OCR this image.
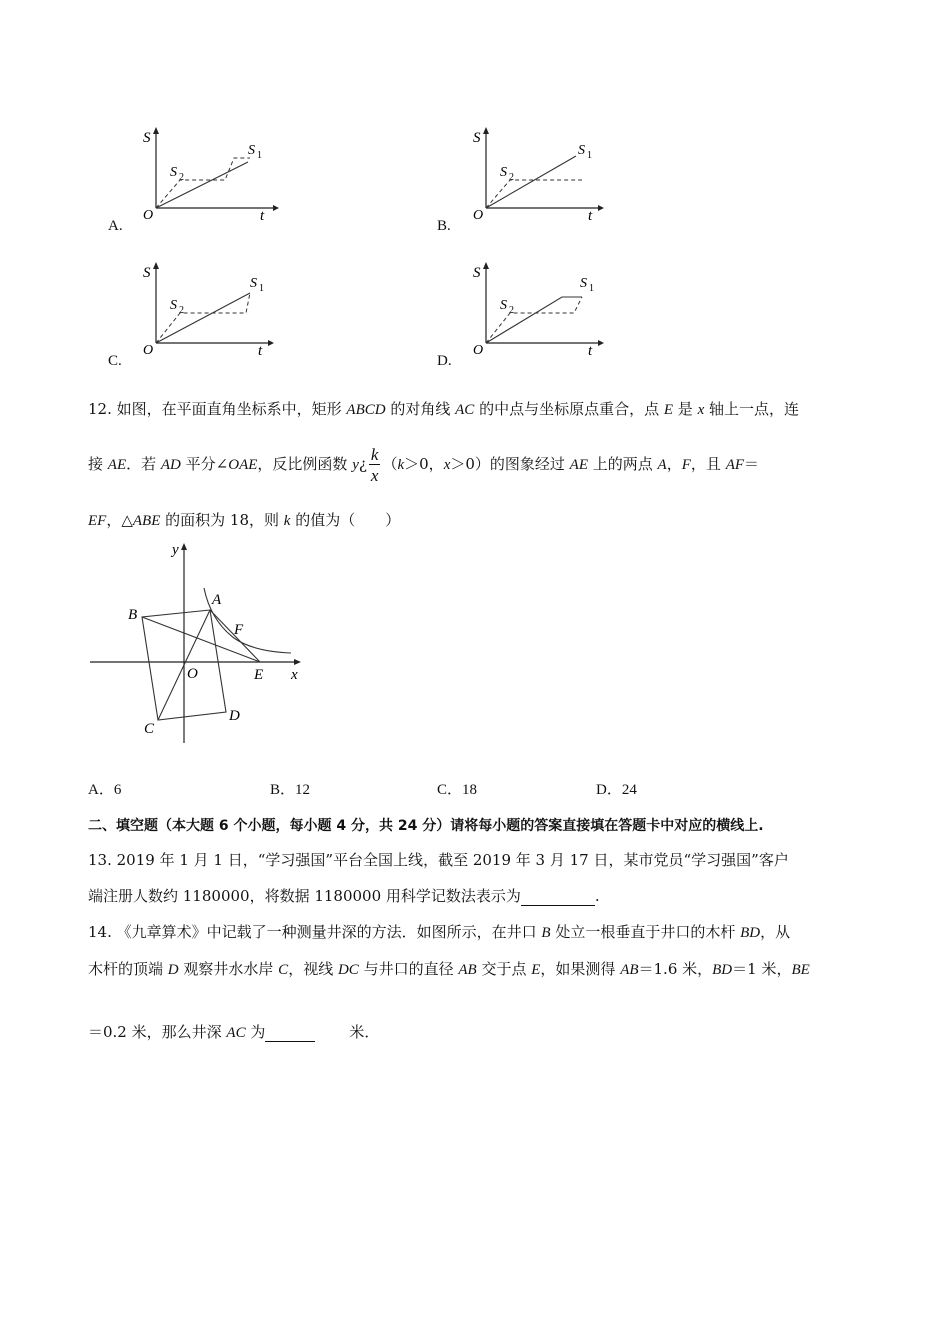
S
t
O
S 1
S 2
A.
S
t
O
S 1
S 2
B.
S
t
O
S 1
S 2
C.
S
t
O
S 1
S 2
D.
12. 如图，在平面直角坐标系中，矩形 ABCD 的对角线 AC 的中点与坐标原点重合，点 E 是 x 轴上一点，连
接 AE．若 AD 平分∠OAE，反比例函数 y¿ $\frac{k}{x} (k>0$，x＞0）的图象经过 AE 上的两点 A，F，且 AF＝
EF，△ABE 的面积为 18，则 k 的值为（　　）
y
x
A
B
C
D
E
F
O
A．6	B．12	C．18	D．24
二、填空题（本大题 6 个小题，每小题 4 分，共 24 分）请将每小题的答案直接填在答题卡中对应的横线上.
13. 2019 年 1 月 1 日，“学习强国”平台全国上线，截至 2019 年 3 月 17 日，某市党员“学习强国”客户
端注册人数约 1180000，将数据 1180000 用科学记数法表示为	.
14. 《九章算术》中记载了一种测量井深的方法．如图所示，在井口 B 处立一根垂直于井口的木杆 BD，从
木杆的顶端 D 观察井水水岸 C，视线 DC 与井口的直径 AB 交于点 E，如果测得 AB＝1.6 米，BD＝1 米，BE
＝0.2 米，那么井深 AC 为	米．
